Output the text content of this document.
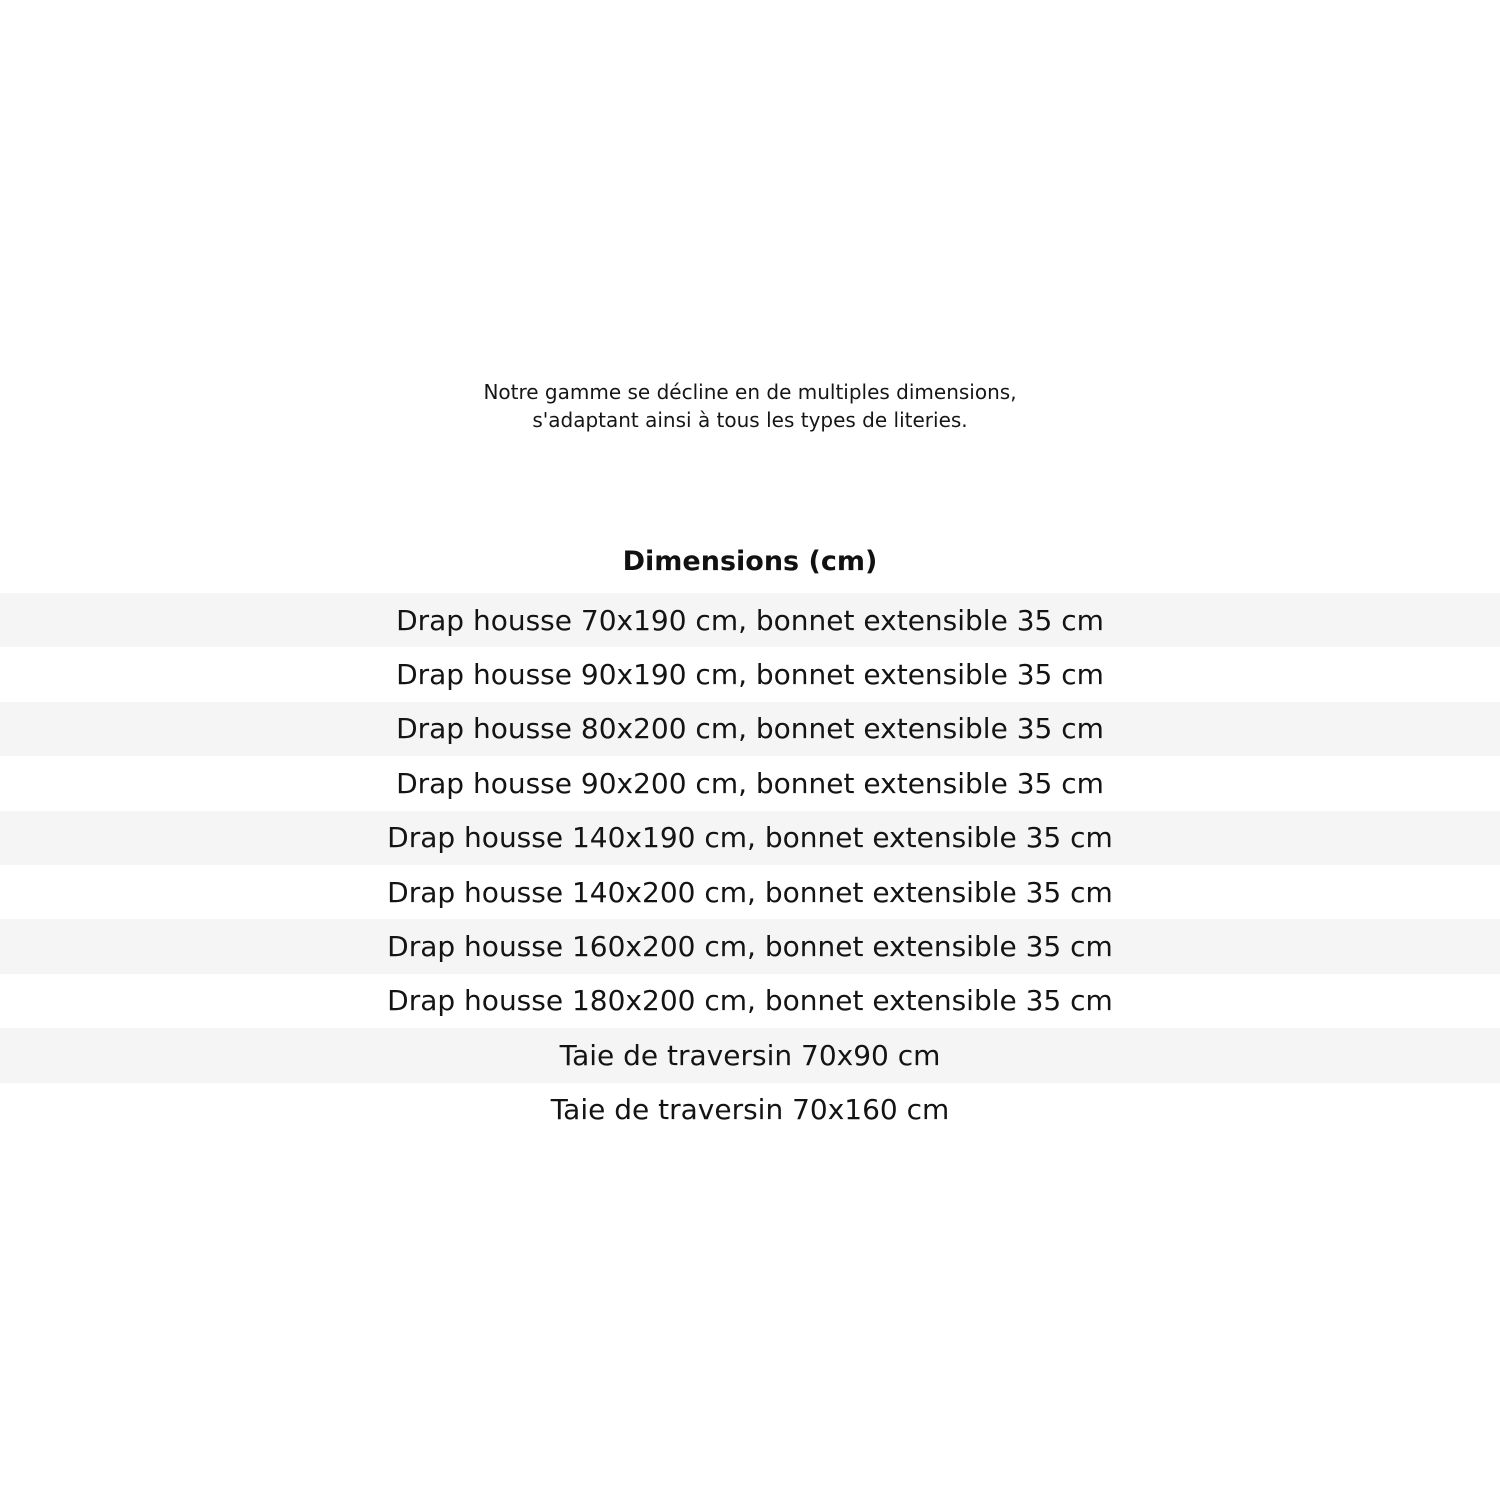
Notre gamme se décline en de multiples dimensions,
s'adaptant ainsi à tous les types de literies.
Dimensions (cm)
Drap housse 70x190 cm, bonnet extensible 35 cm
Drap housse 90x190 cm, bonnet extensible 35 cm
Drap housse 80x200 cm, bonnet extensible 35 cm
Drap housse 90x200 cm, bonnet extensible 35 cm
Drap housse 140x190 cm, bonnet extensible 35 cm
Drap housse 140x200 cm, bonnet extensible 35 cm
Drap housse 160x200 cm, bonnet extensible 35 cm
Drap housse 180x200 cm, bonnet extensible 35 cm
Taie de traversin 70x90 cm
Taie de traversin 70x160 cm
